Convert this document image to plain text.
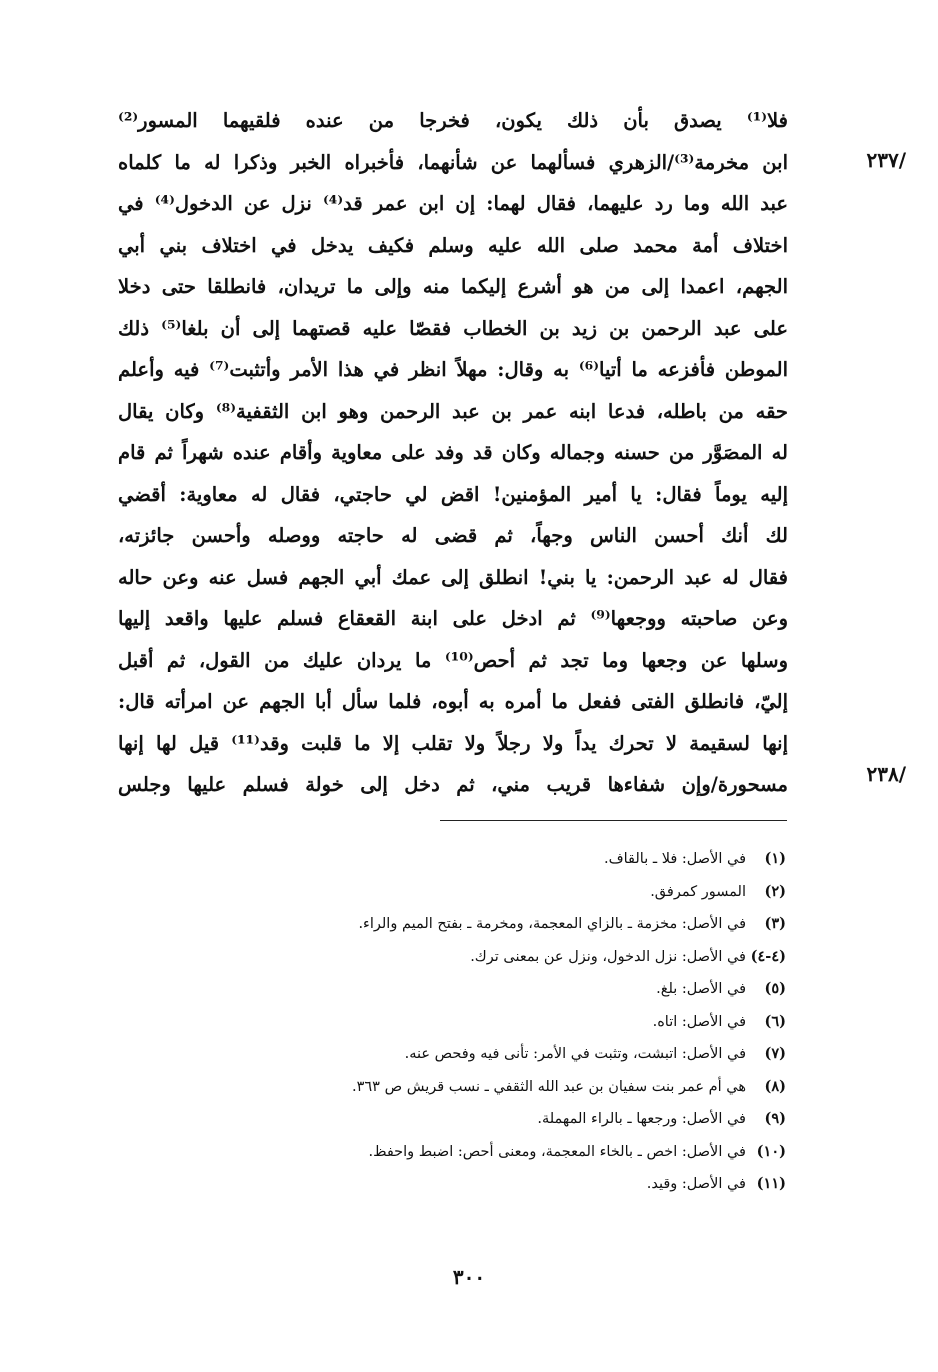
فلا⁽¹⁾ يصدق بأن ذلك يكون، فخرجا من عنده فلقيهما المسور⁽²⁾
ابن مخرمة⁽³⁾/الزهري فسألهما عن شأنهما، فأخبراه الخبر وذكرا له ما كلماه
عبد الله وما رد عليهما، فقال لهما: إن ابن عمر قد⁽⁴⁾ نزل عن الدخول⁽⁴⁾ في
اختلاف أمة محمد صلى الله عليه وسلم فكيف يدخل في اختلاف بني أبي
الجهم، اعمدا إلى من هو أشرع إليكما منه وإلى ما تريدان، فانطلقا حتى دخلا
على عبد الرحمن بن زيد بن الخطاب فقصّا عليه قصتهما إلى أن بلغا⁽⁵⁾ ذلك
الموطن فأفزعه ما أتيا⁽⁶⁾ به وقال: مهلاً انظر في هذا الأمر وأتثبت⁽⁷⁾ فيه وأعلم
حقه من باطله، فدعا ابنه عمر بن عبد الرحمن وهو ابن الثقفية⁽⁸⁾ وكان يقال
له المصَوَّر من حسنه وجماله وكان قد وفد على معاوية وأقام عنده شهراً ثم قام
إليه يوماً فقال: يا أمير المؤمنين! اقض لي حاجتي، فقال له معاوية: أقضي
لك أنك أحسن الناس وجهاً، ثم قضى له حاجته ووصله وأحسن جائزته،
فقال له عبد الرحمن: يا بني! انطلق إلى عمك أبي الجهم فسل عنه وعن حاله
وعن صاحبته ووجعها⁽⁹⁾ ثم ادخل على ابنة القعقاع فسلم عليها واقعد إليها
وسلها عن وجعها وما تجد ثم أحص⁽¹⁰⁾ ما يردان عليك من القول، ثم أقبل
إليّ، فانطلق الفتى ففعل ما أمره به أبوه، فلما سأل أبا الجهم عن امرأته قال:
إنها لسقيمة لا تحرك يداً ولا رجلاً ولا تقلب إلا ما قلبت وقد⁽¹¹⁾ قيل لها إنها
مسحورة/وإن شفاءها قريب مني، ثم دخل إلى خولة فسلم عليها وجلس
/٢٣٧
/٢٣٨
(١)
في الأصل: فلا ـ بالقاف.
(٢)
المسور كمرفق.
(٣)
في الأصل: مخزمة ـ بالزاي المعجمة، ومخرمة ـ بفتح الميم والراء.
(٤-٤)
في الأصل: نزل الدخول، ونزل عن بمعنى ترك.
(٥)
في الأصل: بلغ.
(٦)
في الأصل: اتاه.
(٧)
في الأصل: اتبشت، وتثبت في الأمر: تأنى فيه وفحص عنه.
(٨)
هي أم عمر بنت سفيان بن عبد الله الثقفي ـ نسب قريش ص ٣٦٣.
(٩)
في الأصل: ورجعها ـ بالراء المهملة.
(١٠)
في الأصل: اخص ـ بالخاء المعجمة، ومعنى أحص: اضبط واحفظ.
(١١)
في الأصل: وقيد.
٣٠٠
